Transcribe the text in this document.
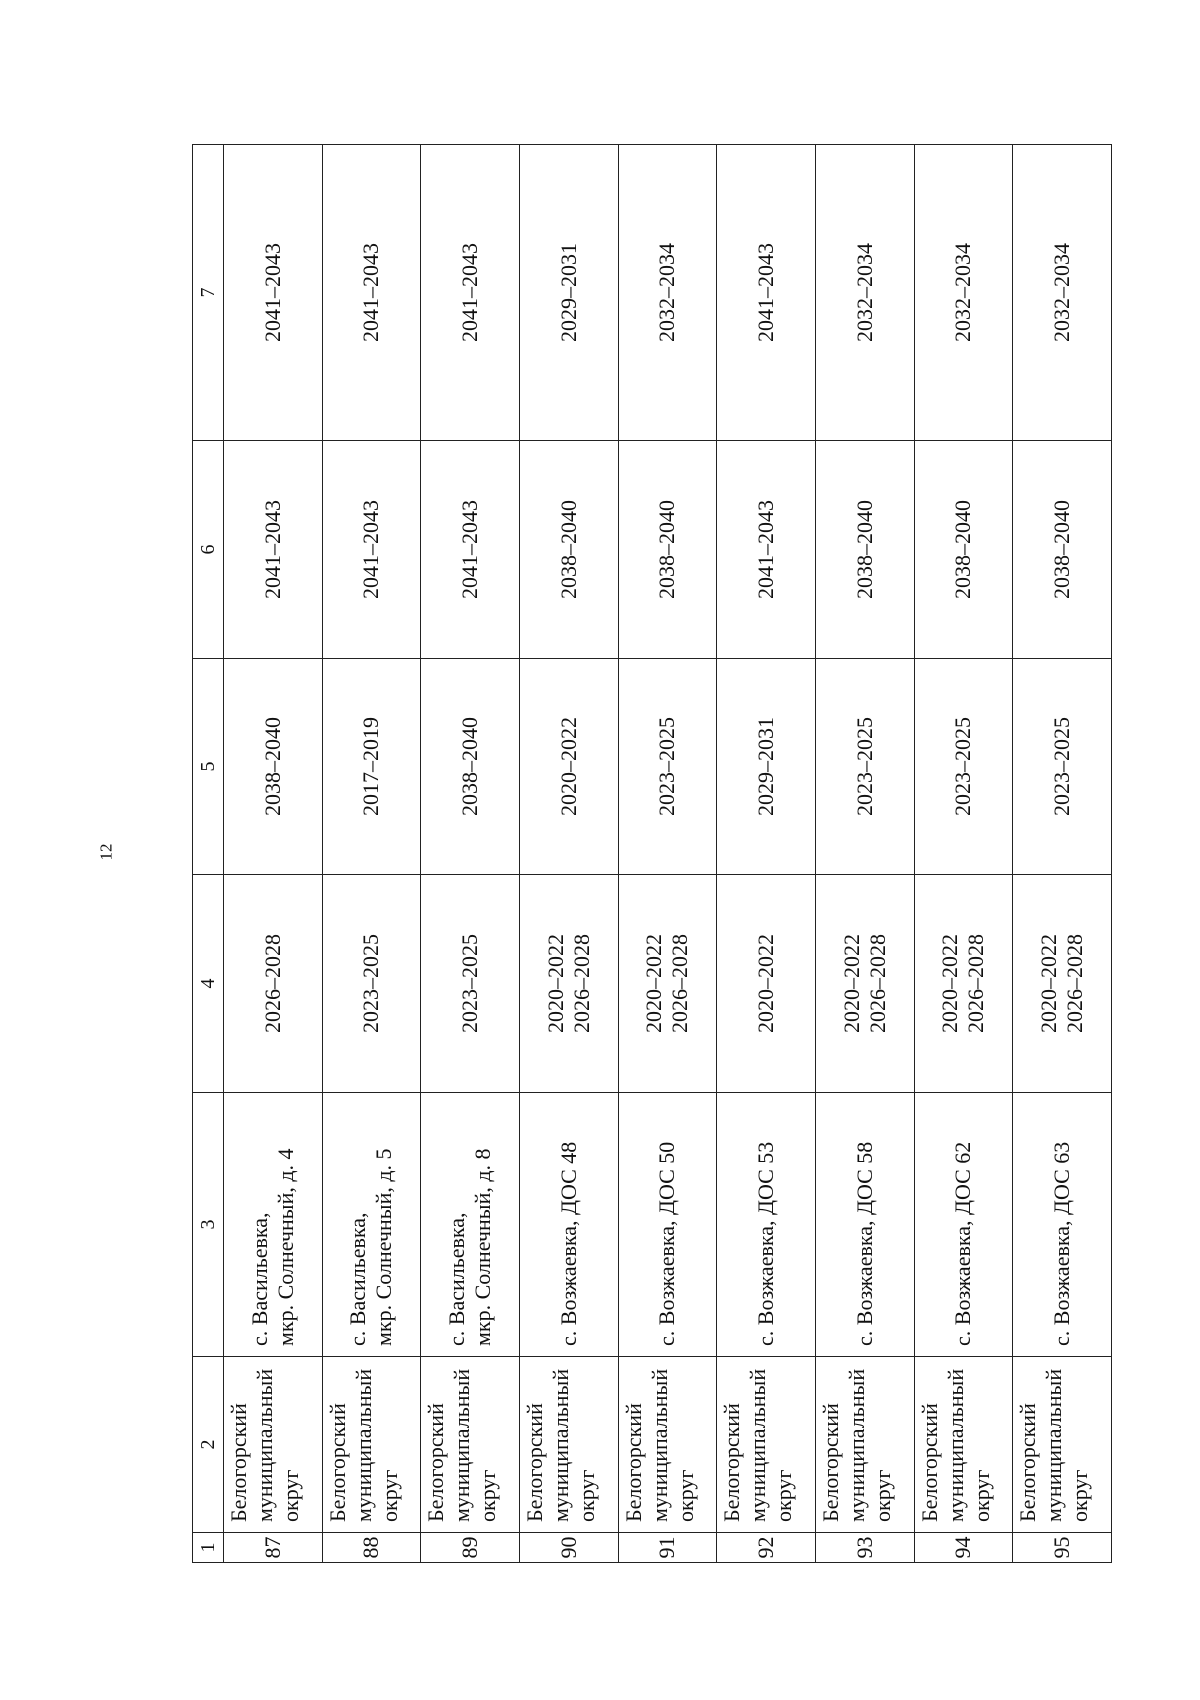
12
1	2	3	4	5	6	7
87	Белогорский муниципальный округ	с. Васильевка, мкр. Солнечный, д. 4	2026–2028	2038–2040	2041–2043	2041–2043
88	Белогорский муниципальный округ	с. Васильевка, мкр. Солнечный, д. 5	2023–2025	2017–2019	2041–2043	2041–2043
89	Белогорский муниципальный округ	с. Васильевка, мкр. Солнечный, д. 8	2023–2025	2038–2040	2041–2043	2041–2043
90	Белогорский муниципальный округ	с. Возжаевка, ДОС 48	2020–2022 2026–2028	2020–2022	2038–2040	2029–2031
91	Белогорский муниципальный округ	с. Возжаевка, ДОС 50	2020–2022 2026–2028	2023–2025	2038–2040	2032–2034
92	Белогорский муниципальный округ	с. Возжаевка, ДОС 53	2020–2022	2029–2031	2041–2043	2041–2043
93	Белогорский муниципальный округ	с. Возжаевка, ДОС 58	2020–2022 2026–2028	2023–2025	2038–2040	2032–2034
94	Белогорский муниципальный округ	с. Возжаевка, ДОС 62	2020–2022 2026–2028	2023–2025	2038–2040	2032–2034
95	Белогорский муниципальный округ	с. Возжаевка, ДОС 63	2020–2022 2026–2028	2023–2025	2038–2040	2032–2034
